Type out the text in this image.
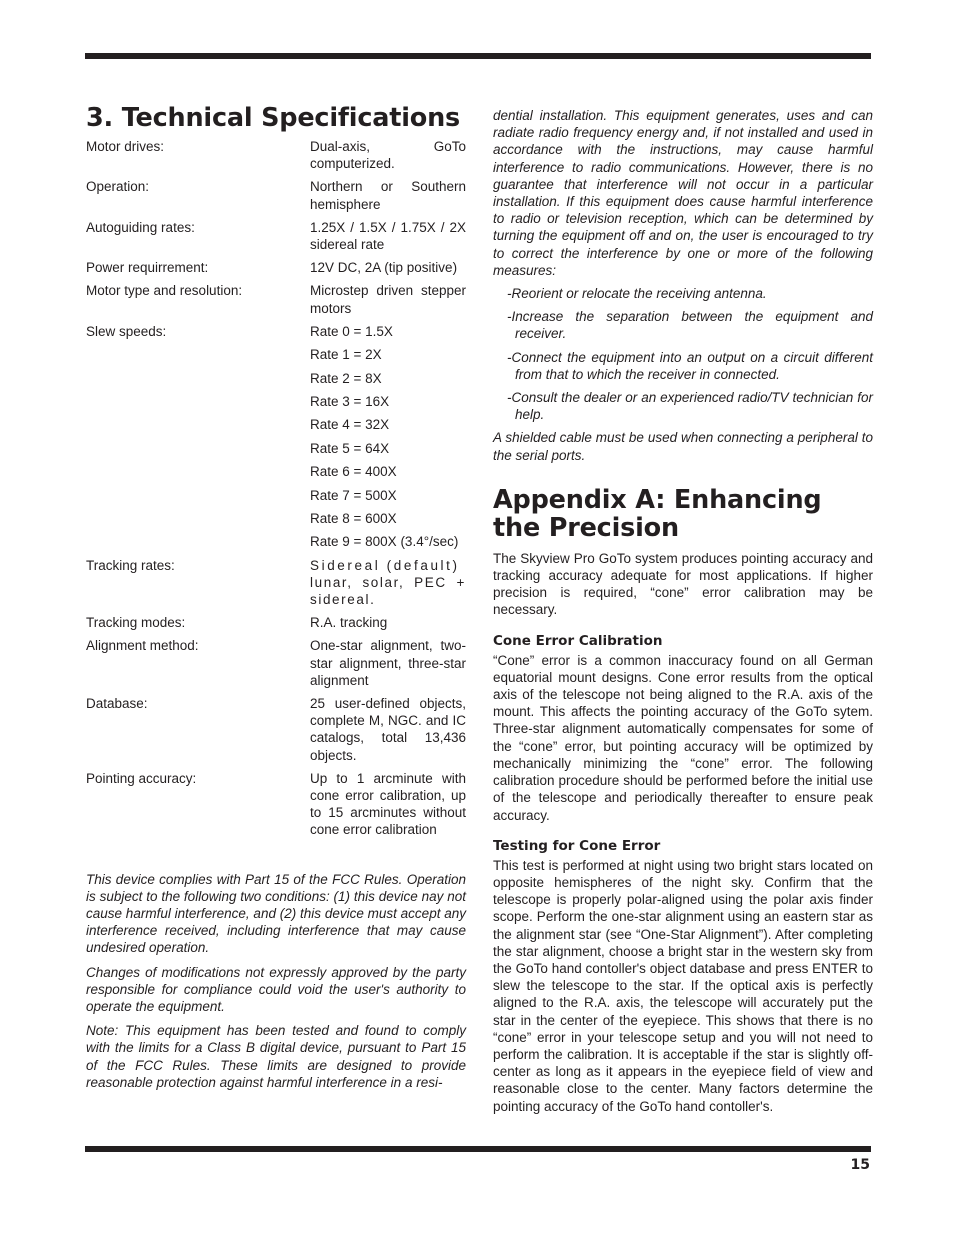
3. Technical Specifications
Motor drives:	Dual-axis, GoTo computerized.
Operation:	Northern or Southern hemisphere
Autoguiding rates:	1.25X / 1.5X / 1.75X / 2X sidereal rate
Power requirrement:	12V DC, 2A (tip positive)
Motor type and resolution:	Microstep driven stepper motors
Slew speeds:	Rate 0 = 1.5X
Rate 1 = 2X
Rate 2 = 8X
Rate 3 = 16X
Rate 4 = 32X
Rate 5 = 64X
Rate 6 = 400X
Rate 7 = 500X
Rate 8 = 600X
Rate 9 = 800X (3.4°/sec)
Tracking rates:	Sidereal (default)
lunar, solar, PEC + sidereal.
Tracking modes:	R.A. tracking
Alignment method:	One-star alignment, two-star alignment, three-star alignment
Database:	25 user-defined objects, complete M, NGC. and IC catalogs, total 13,436 objects.
Pointing accuracy:	Up to 1 arcminute with cone error calibration, up to 15 arcminutes without cone error calibration

This device complies with Part 15 of the FCC Rules. Operation is subject to the following two conditions: (1) this device nay not cause harmful interference, and (2) this device must accept any interference received, including interference that may cause undesired operation.

Changes of modifications not expressly approved by the party responsible for compliance could void the user's authority to operate the equipment.

Note: This equipment has been tested and found to comply with the limits for a Class B digital device, pursuant to Part 15 of the FCC Rules. These limits are designed to provide reasonable protection against harmful interference in a resi-

dential installation. This equipment generates, uses and can radiate radio frequency energy and, if not installed and used in accordance with the instructions, may cause harmful interference to radio communications. However, there is no guarantee that interference will not occur in a particular installation. If this equipment does cause harmful interference to radio or television reception, which can be determined by turning the equipment off and on, the user is encouraged to try to correct the interference by one or more of the following measures:

-Reorient or relocate the receiving antenna.

-Increase the separation between the equipment and receiver.

-Connect the equipment into an output on a circuit different from that to which the receiver in connected.

-Consult the dealer or an experienced radio/TV technician for help.

A shielded cable must be used when connecting a peripheral to the serial ports.

Appendix A: Enhancing the Precision

The Skyview Pro GoTo system produces pointing accuracy and tracking accuracy adequate for most applications. If higher precision is required, “cone” error calibration may be necessary.

Cone Error Calibration

“Cone” error is a common inaccuracy found on all German equatorial mount designs. Cone error results from the optical axis of the telescope not being aligned to the R.A. axis of the mount. This affects the pointing accuracy of the GoTo sytem. Three-star alignment automatically compensates for some of the “cone” error, but pointing accuracy will be optimized by mechanically minimizing the “cone” error. The following calibration procedure should be performed before the initial use of the telescope and periodically thereafter to ensure peak accuracy.

Testing for Cone Error

This test is performed at night using two bright stars located on opposite hemispheres of the night sky. Confirm that the telescope is properly polar-aligned using the polar axis finder scope. Perform the one-star alignment using an eastern star as the alignment star (see “One-Star Alignment”). After completing the star alignment, choose a bright star in the western sky from the GoTo hand contoller's object database and press ENTER to slew the telescope to the star. If the optical axis is perfectly aligned to the R.A. axis, the telescope will accurately put the star in the center of the eyepiece. This shows that there is no “cone” error in your telescope setup and you will not need to perform the calibration. It is acceptable if the star is slightly off-center as long as it appears in the eyepiece field of view and reasonable close to the center. Many factors determine the pointing accuracy of the GoTo hand contoller's.

15
